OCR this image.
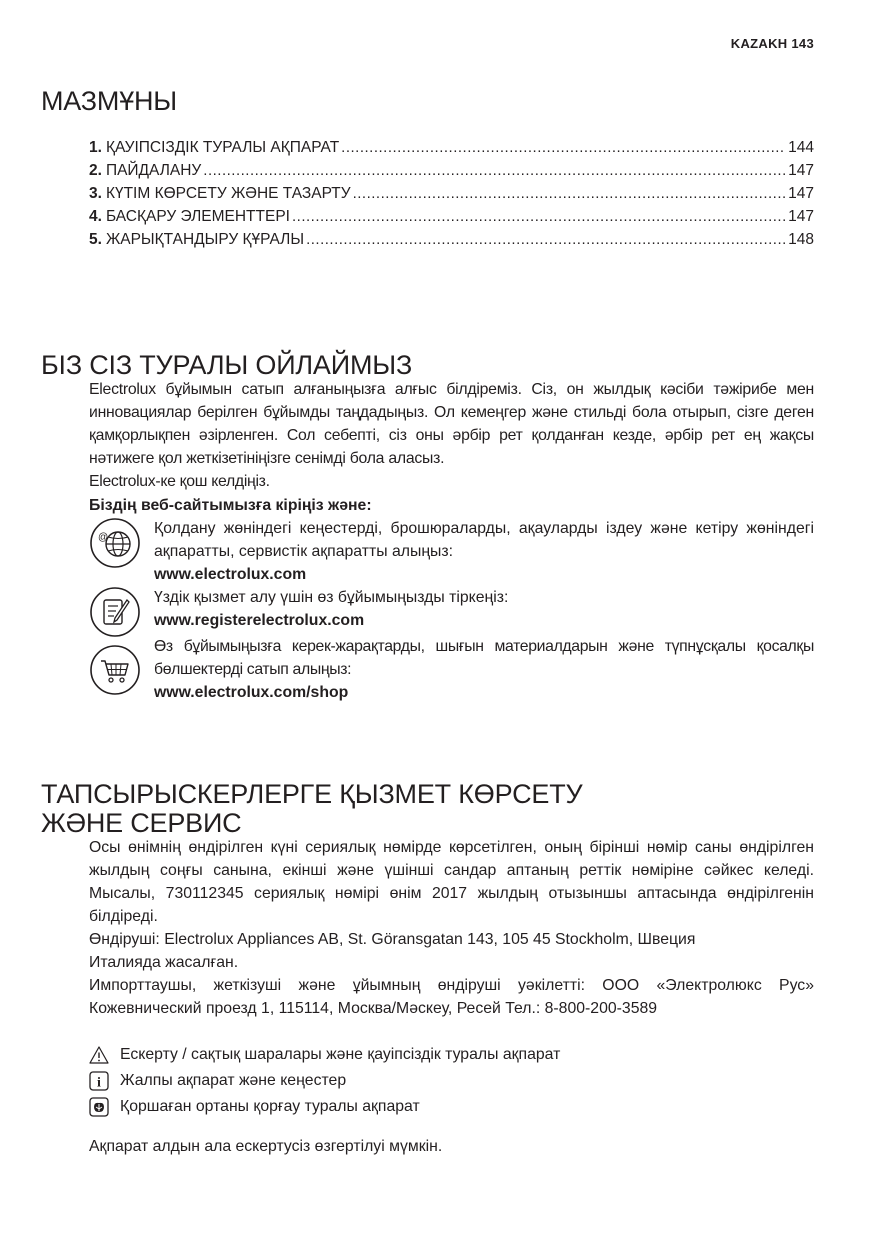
KAZAKH 143
МАЗМҰНЫ
1. ҚАУІПСІЗДІК ТУРАЛЫ АҚПАРАТ .....	144
2. ПАЙДАЛАНУ .....	147
3. КҮТІМ КӨРСЕТУ ЖӘНЕ ТАЗАРТУ .....	147
4. БАСҚАРУ ЭЛЕМЕНТТЕРІ .....	147
5. ЖАРЫҚТАНДЫРУ ҚҰРАЛЫ .....	148
БІЗ СІЗ ТУРАЛЫ ОЙЛАЙМЫЗ
Electrolux бұйымын сатып алғаныңызға алғыс білдіреміз. Сіз, он жылдық кәсіби тәжірибе мен инновациялар берілген бұйымды таңдадыңыз. Ол кемеңгер және стильді бола отырып, сізге деген қамқорлықпен әзірленген. Сол себепті, сіз оны әрбір рет қолданған кезде, әрбір рет ең жақсы нәтижеге қол жеткізетініңізге сенімді бола аласыз.
Electrolux-ке қош келдіңіз.
Біздің веб-сайтымызға кіріңіз және:
@
Қолдану жөніндегі кеңестерді, брошюраларды, ақауларды іздеу және кетіру жөніндегі ақпаратты, сервистік ақпаратты алыңыз:
www.electrolux.com
Үздік қызмет алу үшін өз бұйымыңызды тіркеңіз:
www.registerelectrolux.com
Өз бұйымыңызға керек-жарақтарды, шығын материалдарын және түпнұсқалы қосалқы бөлшектерді сатып алыңыз:
www.electrolux.com/shop
ТАПСЫРЫСКЕРЛЕРГЕ ҚЫЗМЕТ КӨРСЕТУ
ЖӘНЕ СЕРВИС
Осы өнімнің өндірілген күні сериялық нөмірде көрсетілген, оның бірінші нөмір саны өндірілген жылдың соңғы санына, екінші және үшінші сандар аптаның реттік нөміріне сәйкес келеді. Мысалы, 730112345 сериялық нөмірі өнім 2017 жылдың отызыншы аптасында өндірілгенін білдіреді.
Өндіруші: Electrolux Appliances AB, St. Göransgatan 143, 105 45 Stockholm, Швеция
Италияда жасалған.
Импорттаушы, жеткізуші және ұйымның өндіруші уәкілетті: ООО «Электролюкс Рус» Кожевнический проезд 1, 115114, Москва/Мәскеу, Ресей Тел.: 8-800-200-3589
Ескерту / сақтық шаралары және қауіпсіздік туралы ақпарат
i Жалпы ақпарат және кеңестер
Қоршаған ортаны қорғау туралы ақпарат
Ақпарат алдын ала ескертусіз өзгертілуі мүмкін.
